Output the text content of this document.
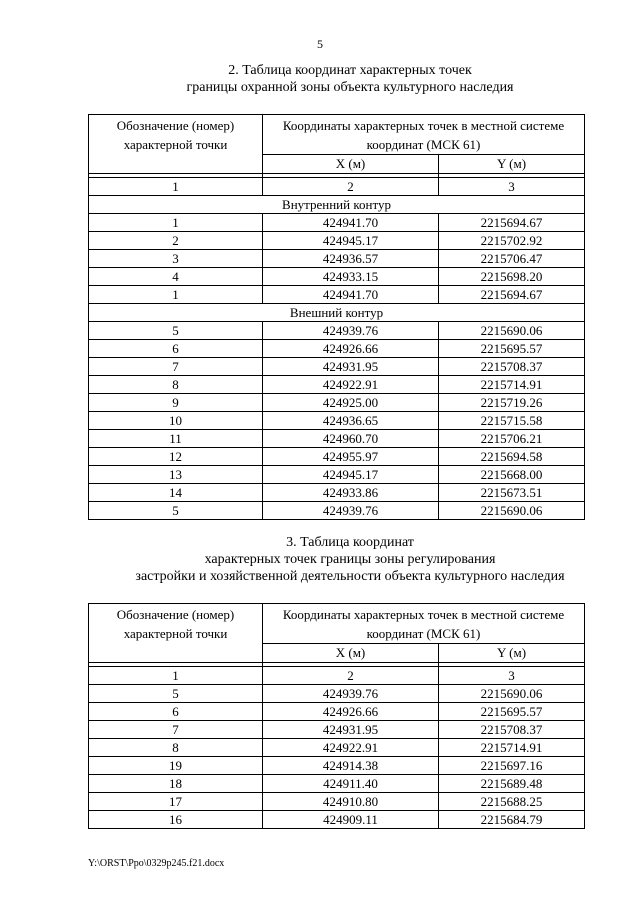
5
2. Таблица координат характерных точек
границы охранной зоны объекта культурного наследия
Обозначение (номер) характерной точки	Координаты характерных точек в местной системе координат (МСК 61)	
	X (м)	Y (м)

1	2	3
Внутренний контур		
1	424941.70	2215694.67
2	424945.17	2215702.92
3	424936.57	2215706.47
4	424933.15	2215698.20
1	424941.70	2215694.67
Внешний контур		
5	424939.76	2215690.06
6	424926.66	2215695.57
7	424931.95	2215708.37
8	424922.91	2215714.91
9	424925.00	2215719.26
10	424936.65	2215715.58
11	424960.70	2215706.21
12	424955.97	2215694.58
13	424945.17	2215668.00
14	424933.86	2215673.51
5	424939.76	2215690.06
3. Таблица координат
характерных точек границы зоны регулирования
застройки и хозяйственной деятельности объекта культурного наследия
Обозначение (номер) характерной точки	Координаты характерных точек в местной системе координат (МСК 61)	
	X (м)	Y (м)

1	2	3
5	424939.76	2215690.06
6	424926.66	2215695.57
7	424931.95	2215708.37
8	424922.91	2215714.91
19	424914.38	2215697.16
18	424911.40	2215689.48
17	424910.80	2215688.25
16	424909.11	2215684.79
Y:\ORST\Ppo\0329p245.f21.docx
